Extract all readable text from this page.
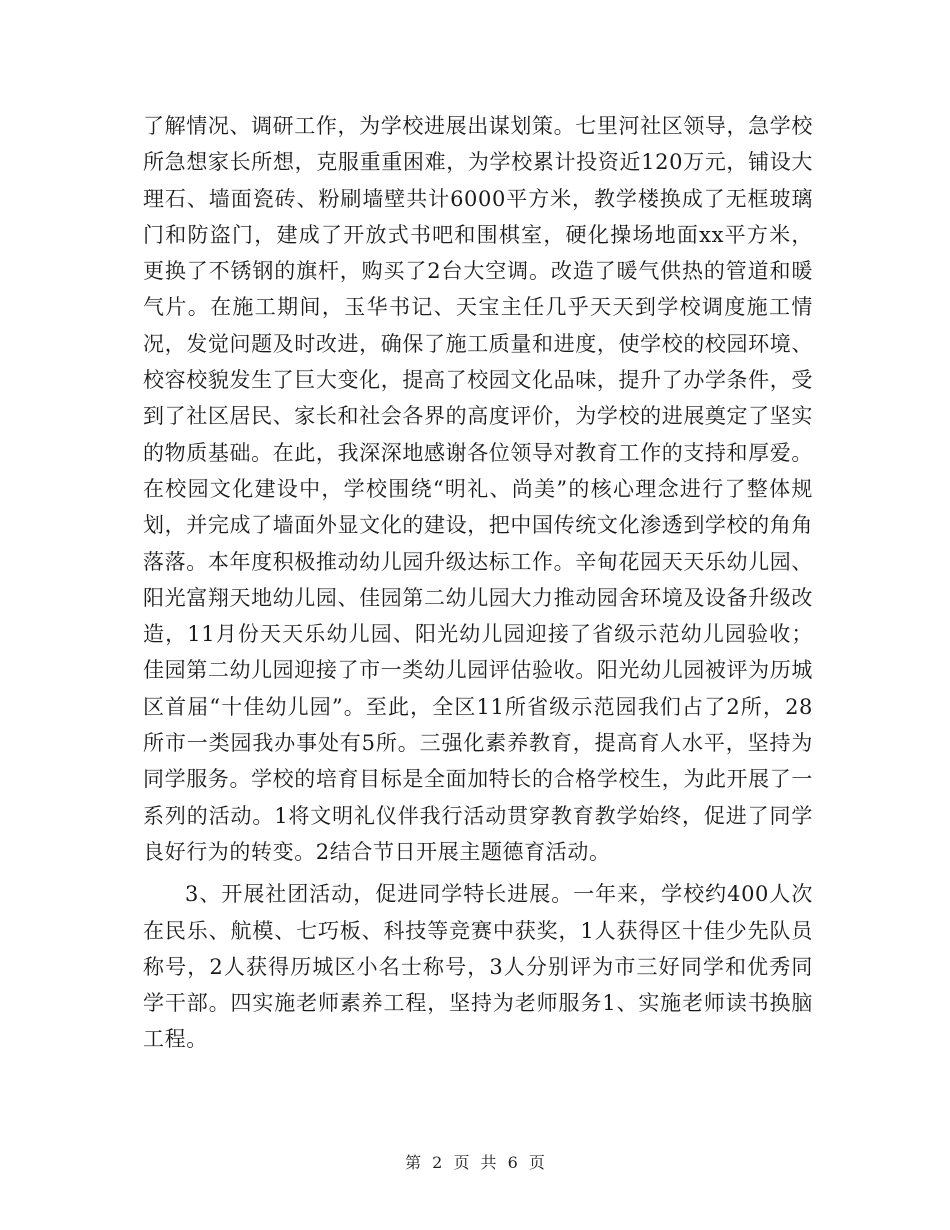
了解情况、调研工作，为学校进展出谋划策。七里河社区领导，急学校所急想家长所想，克服重重困难，为学校累计投资近120万元，铺设大理石、墙面瓷砖、粉刷墙壁共计6000平方米，教学楼换成了无框玻璃门和防盗门，建成了开放式书吧和围棋室，硬化操场地面xx平方米，更换了不锈钢的旗杆，购买了2台大空调。改造了暖气供热的管道和暖气片。在施工期间，玉华书记、天宝主任几乎天天到学校调度施工情况，发觉问题及时改进，确保了施工质量和进度，使学校的校园环境、校容校貌发生了巨大变化，提高了校园文化品味，提升了办学条件，受到了社区居民、家长和社会各界的高度评价，为学校的进展奠定了坚实的物质基础。在此，我深深地感谢各位领导对教育工作的支持和厚爱。在校园文化建设中，学校围绕“明礼、尚美”的核心理念进行了整体规划，并完成了墙面外显文化的建设，把中国传统文化渗透到学校的角角落落。本年度积极推动幼儿园升级达标工作。辛甸花园天天乐幼儿园、阳光富翔天地幼儿园、佳园第二幼儿园大力推动园舍环境及设备升级改造，11月份天天乐幼儿园、阳光幼儿园迎接了省级示范幼儿园验收；佳园第二幼儿园迎接了市一类幼儿园评估验收。阳光幼儿园被评为历城区首届“十佳幼儿园”。至此，全区11所省级示范园我们占了2所，28所市一类园我办事处有5所。三强化素养教育，提高育人水平，坚持为同学服务。学校的培育目标是全面加特长的合格学校生，为此开展了一系列的活动。1将文明礼仪伴我行活动贯穿教育教学始终，促进了同学良好行为的转变。2结合节日开展主题德育活动。

3、开展社团活动，促进同学特长进展。一年来，学校约400人次在民乐、航模、七巧板、科技等竞赛中获奖，1人获得区十佳少先队员称号，2人获得历城区小名士称号，3人分别评为市三好同学和优秀同学干部。四实施老师素养工程，坚持为老师服务1、实施老师读书换脑工程。

第 2 页 共 6 页
